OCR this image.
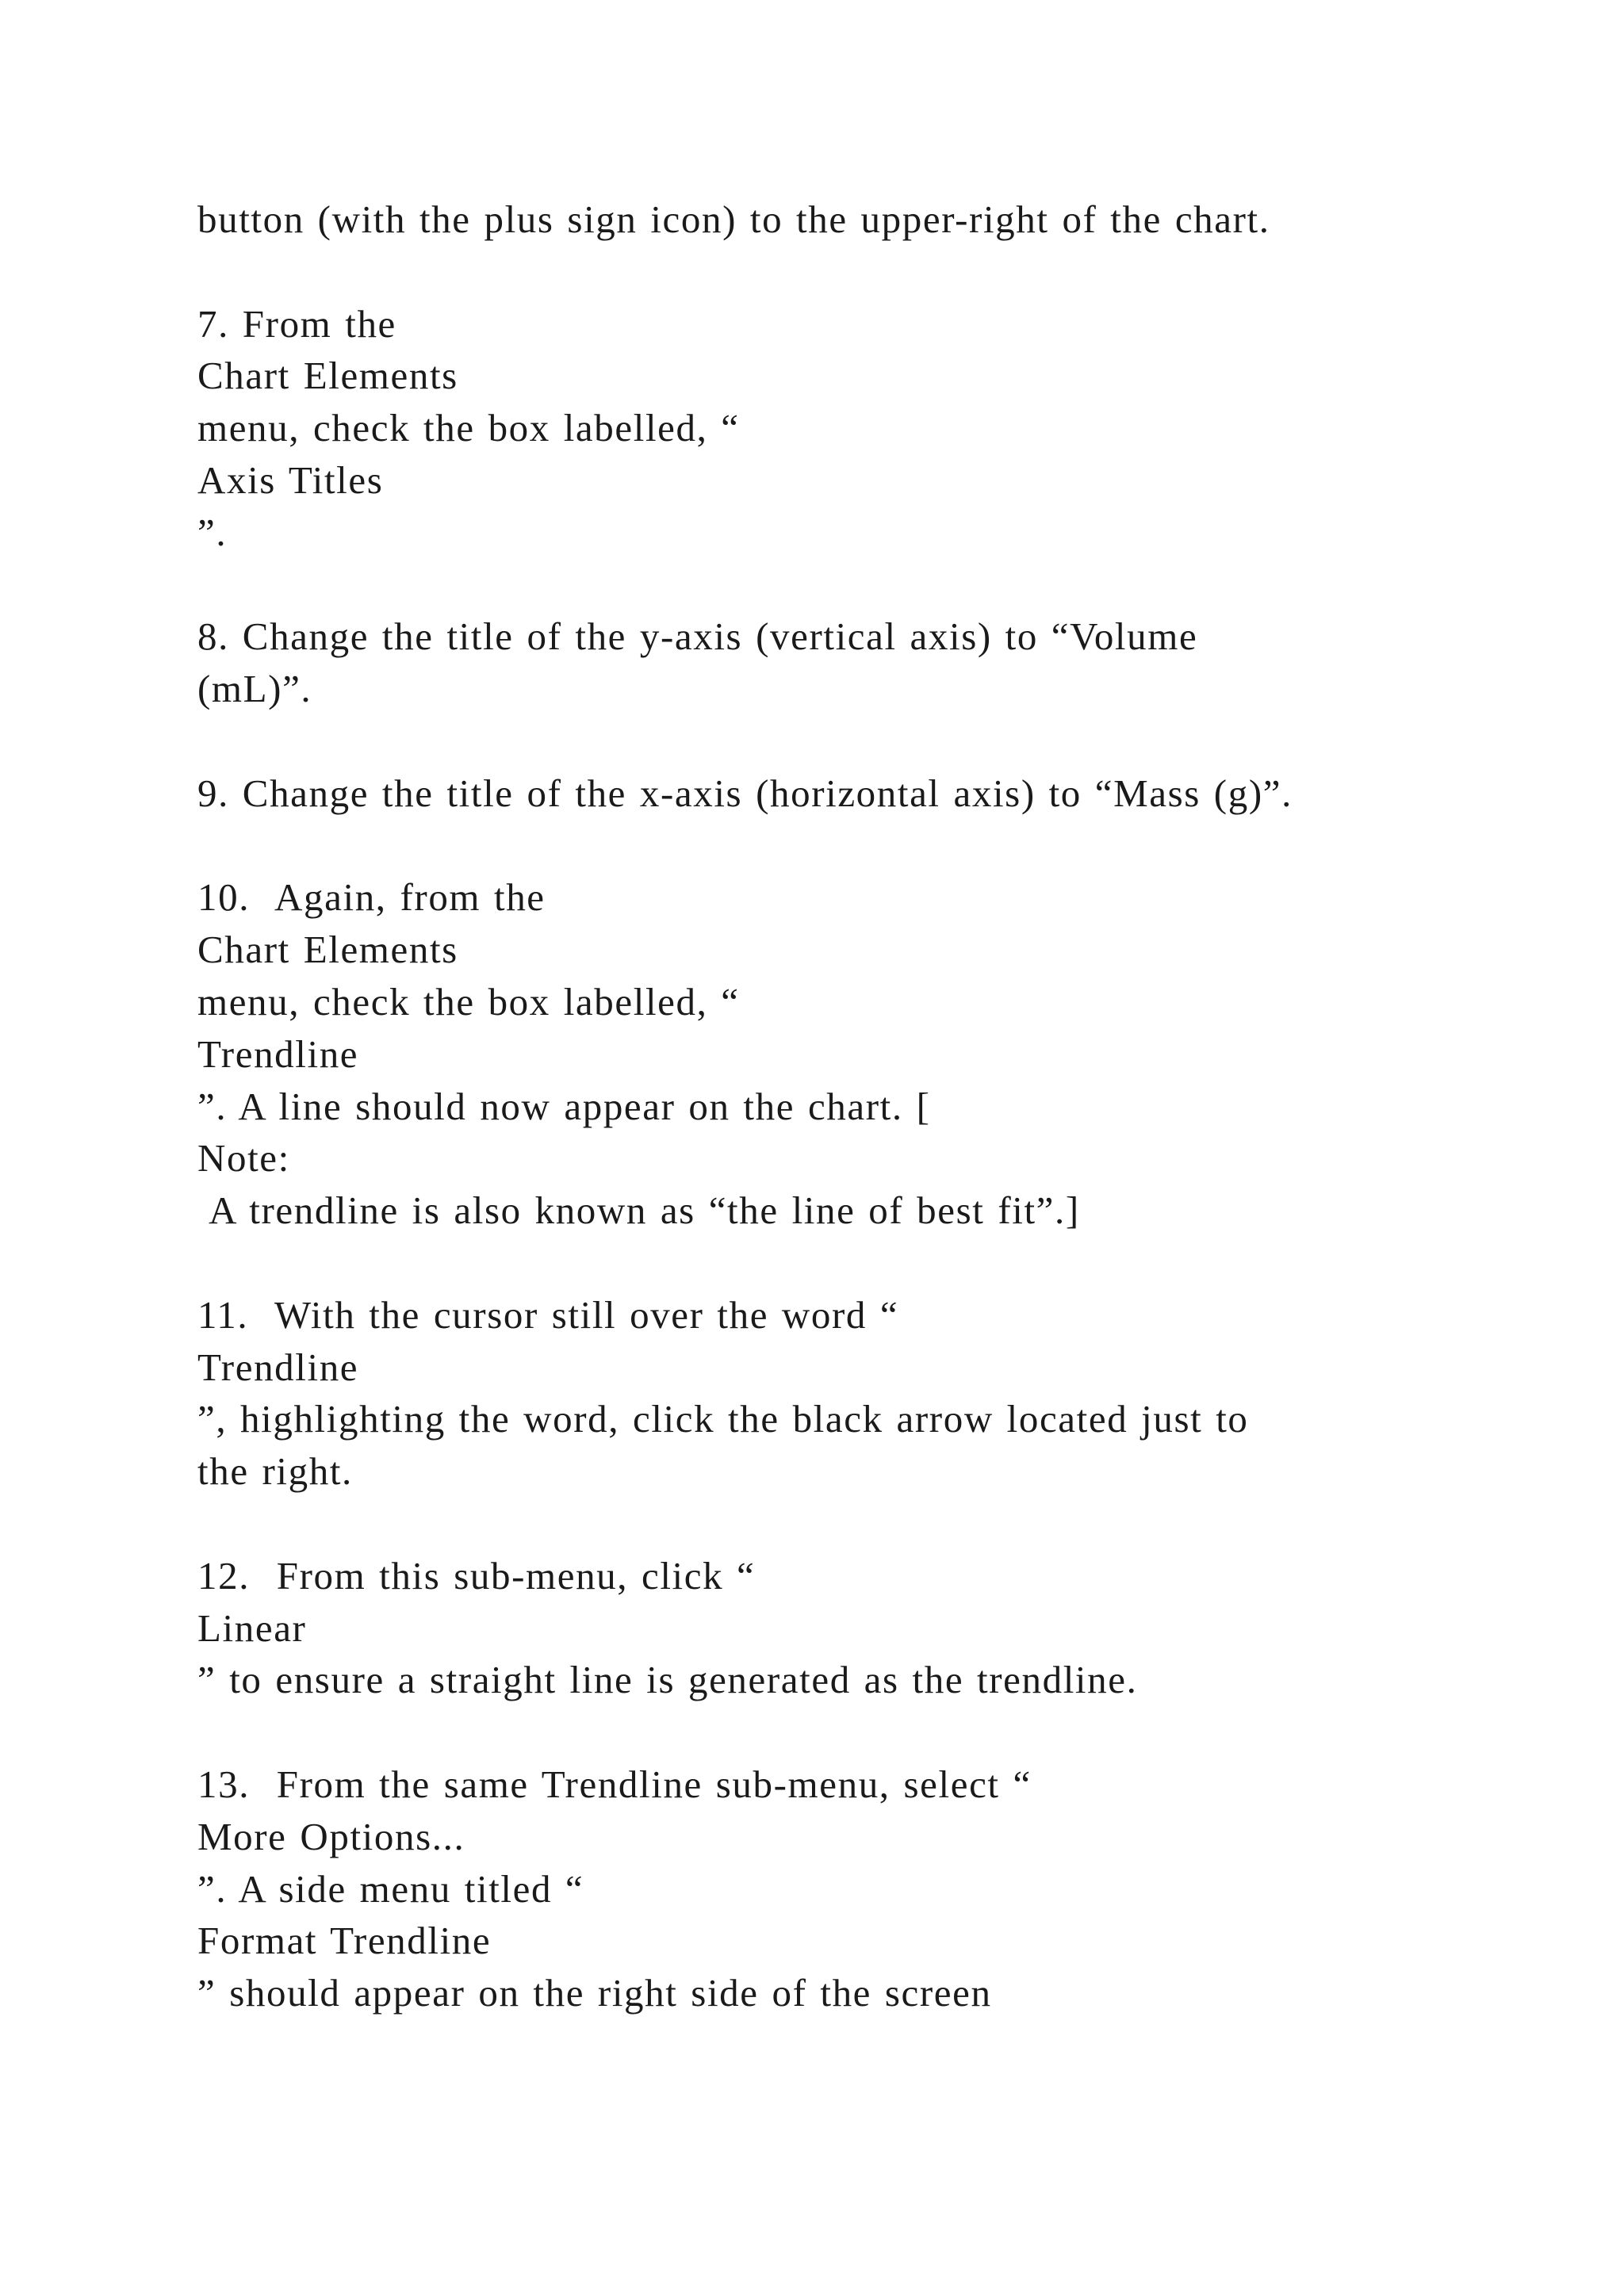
button (with the plus sign icon) to the upper-right of the chart.
7. From the
Chart Elements
menu, check the box labelled, “
Axis Titles
”.
8. Change the title of the y-axis (vertical axis) to “Volume
(mL)”.
9. Change the title of the x-axis (horizontal axis) to “Mass (g)”.
10.  Again, from the
Chart Elements
menu, check the box labelled, “
Trendline
”. A line should now appear on the chart. [
Note:
A trendline is also known as “the line of best fit”.]
11.  With the cursor still over the word “
Trendline
”, highlighting the word, click the black arrow located just to
the right.
12.  From this sub-menu, click “
Linear
” to ensure a straight line is generated as the trendline.
13.  From the same Trendline sub-menu, select “
More Options...
”. A side menu titled “
Format Trendline
” should appear on the right side of the screen
